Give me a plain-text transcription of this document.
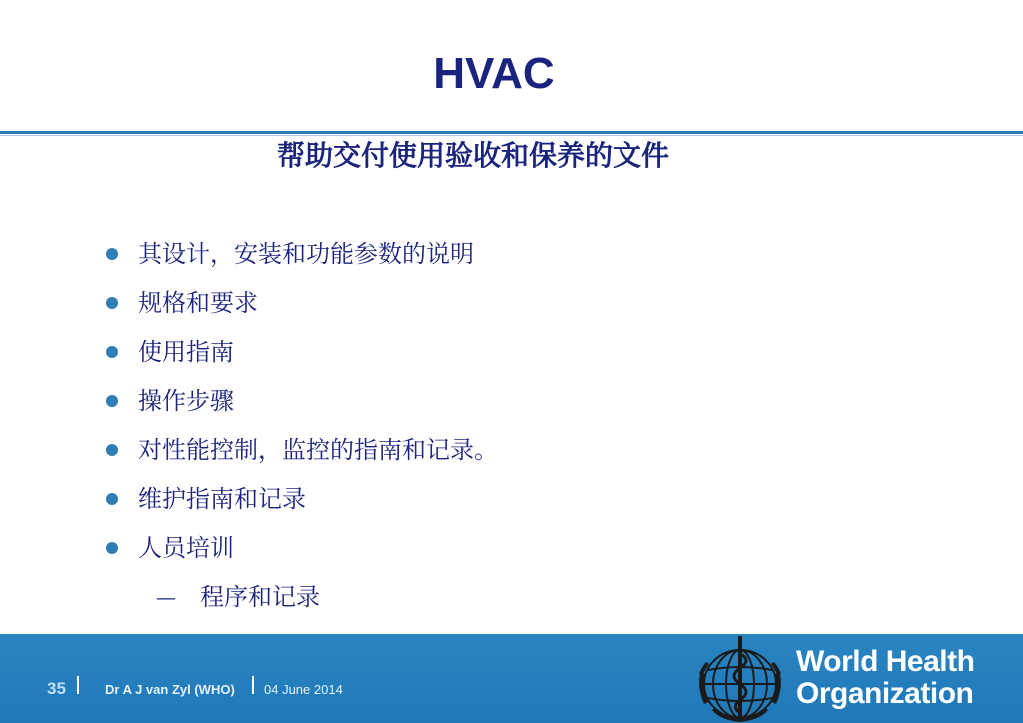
HVAC
帮助交付使用验收和保养的文件
其设计，安装和功能参数的说明
规格和要求
使用指南
操作步骤
对性能控制，监控的指南和记录。
维护指南和记录
人员培训
— 程序和记录
35	Dr A J van Zyl (WHO) 04 June 2014
World Health
Organization
